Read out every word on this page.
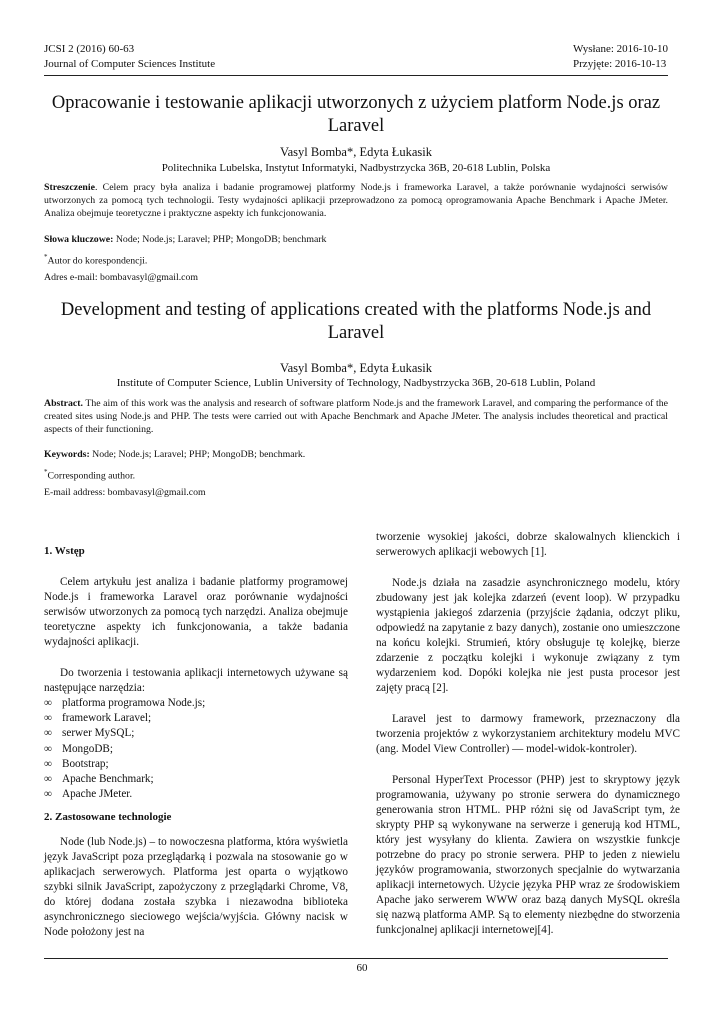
JCSI 2 (2016) 60-63
Journal of Computer Sciences Institute
Wysłane: 2016-10-10
Przyjęte: 2016-10-13
Opracowanie i testowanie aplikacji utworzonych z użyciem platform Node.js oraz Laravel
Vasyl Bomba*, Edyta Łukasik
Politechnika Lubelska, Instytut Informatyki, Nadbystrzycka 36B, 20-618 Lublin, Polska
Streszczenie. Celem pracy była analiza i badanie programowej platformy Node.js i frameworka Laravel, a także porównanie wydajności serwisów utworzonych za pomocą tych technologii. Testy wydajności aplikacji przeprowadzono za pomocą oprogramowania Apache Benchmark i Apache JMeter. Analiza obejmuje teoretyczne i praktyczne aspekty ich funkcjonowania.
Słowa kluczowe: Node; Node.js; Laravel; PHP; MongoDB; benchmark
*Autor do korespondencji.
Adres e-mail: bombavasyl@gmail.com
Development and testing of applications created with the platforms Node.js and Laravel
Vasyl Bomba*, Edyta Łukasik
Institute of Computer Science, Lublin University of Technology, Nadbystrzycka 36B, 20-618 Lublin, Poland
Abstract. The aim of this work was the analysis and research of software platform Node.js and the framework Laravel, and comparing the performance of the created sites using Node.js and PHP. The tests were carried out with Apache Benchmark and Apache JMeter. The analysis includes theoretical and practical aspects of their functioning.
Keywords: Node; Node.js; Laravel; PHP; MongoDB; benchmark.
*Corresponding author.
E-mail address: bombavasyl@gmail.com
1. Wstęp

Celem artykułu jest analiza i badanie platformy programowej Node.js i frameworka Laravel oraz porównanie wydajności serwisów utworzonych za pomocą tych narzędzi. Analiza obejmuje teoretyczne aspekty ich funkcjonowania, a także badania wydajności aplikacji.

Do tworzenia i testowania aplikacji internetowych używane są następujące narzędzia:

∞ platforma programowa Node.js;
∞ framework Laravel;
∞ serwer MySQL;
∞ MongoDB;
∞ Bootstrap;
∞ Apache Benchmark;
∞ Apache JMeter.
2. Zastosowane technologie

Node (lub Node.js) – to nowoczesna platforma, która wyświetla język JavaScript poza przeglądarką i pozwala na stosowanie go w aplikacjach serwerowych. Platforma jest oparta o wyjątkowo szybki silnik JavaScript, zapożyczony z przeglądarki Chrome, V8, do której dodana została szybka i niezawodna biblioteka asynchronicznego sieciowego wejścia/wyjścia. Główny nacisk w Node położony jest na

tworzenie wysokiej jakości, dobrze skalowalnych klienckich i serwerowych aplikacji webowych [1].

Node.js działa na zasadzie asynchronicznego modelu, który zbudowany jest jak kolejka zdarzeń (event loop). W przypadku wystąpienia jakiegoś zdarzenia (przyjście żądania, odczyt pliku, odpowiedź na zapytanie z bazy danych), zostanie ono umieszczone na końcu kolejki. Strumień, który obsługuje tę kolejkę, bierze zdarzenie z początku kolejki i wykonuje związany z tym wydarzeniem kod. Dopóki kolejka nie jest pusta procesor jest zajęty pracą [2].

Laravel jest to darmowy framework, przeznaczony dla tworzenia projektów z wykorzystaniem architektury modelu MVC (ang. Model View Controller) — model-widok-kontroler).

Personal HyperText Processor (PHP) jest to skryptowy język programowania, używany po stronie serwera do dynamicznego generowania stron HTML. PHP różni się od JavaScript tym, że skrypty PHP są wykonywane na serwerze i generują kod HTML, który jest wysyłany do klienta. Zawiera on wszystkie funkcje potrzebne do pracy po stronie serwera. PHP to jeden z niewielu języków programowania, stworzonych specjalnie do wytwarzania aplikacji internetowych. Użycie języka PHP wraz ze środowiskiem Apache jako serwerem WWW oraz bazą danych MySQL określa się nazwą platforma AMP. Są to elementy niezbędne do stworzenia funkcjonalnej aplikacji internetowej[4].

60
